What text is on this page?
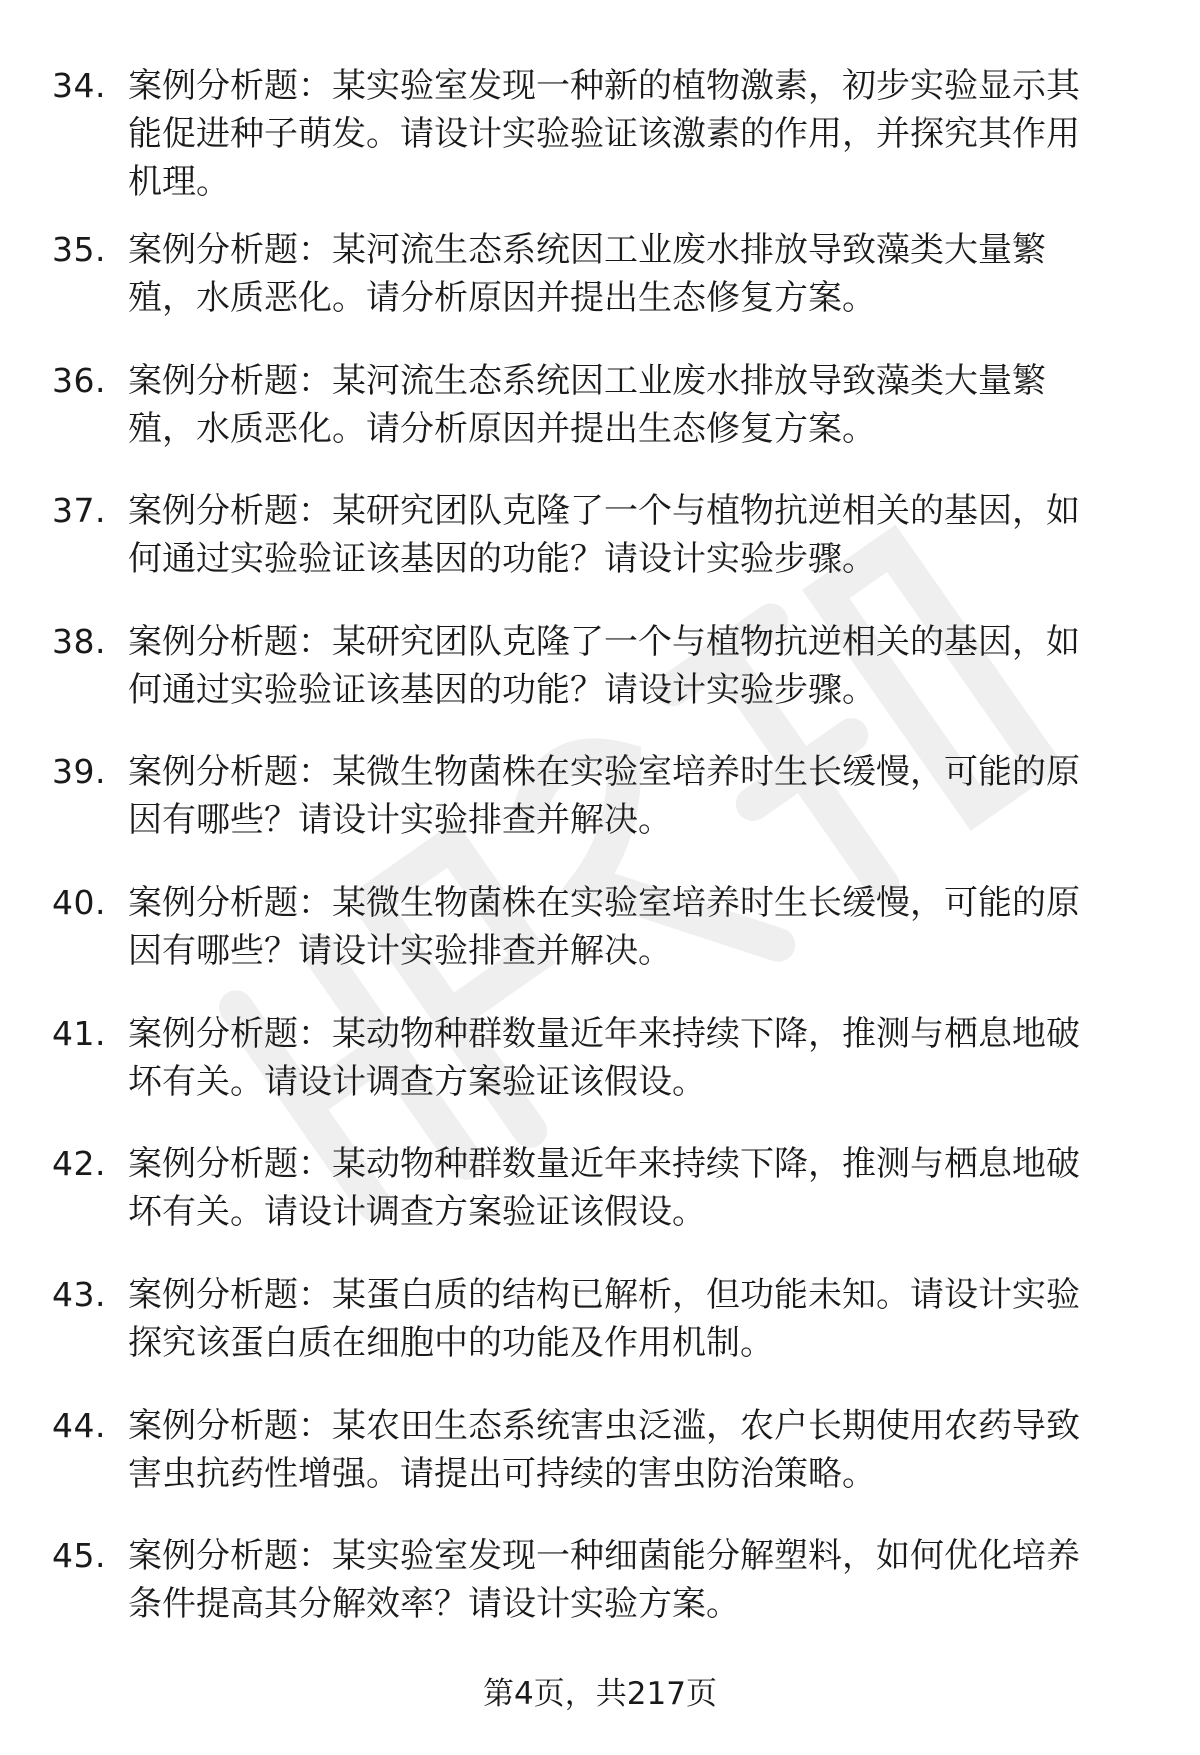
34. 案例分析题：某实验室发现一种新的植物激素，初步实验显示其
能促进种子萌发。请设计实验验证该激素的作用，并探究其作用
机理。
35. 案例分析题：某河流生态系统因工业废水排放导致藻类大量繁
殖，水质恶化。请分析原因并提出生态修复方案。
36. 案例分析题：某河流生态系统因工业废水排放导致藻类大量繁
殖，水质恶化。请分析原因并提出生态修复方案。
37. 案例分析题：某研究团队克隆了一个与植物抗逆相关的基因，如
何通过实验验证该基因的功能？请设计实验步骤。
38. 案例分析题：某研究团队克隆了一个与植物抗逆相关的基因，如
何通过实验验证该基因的功能？请设计实验步骤。
39. 案例分析题：某微生物菌株在实验室培养时生长缓慢，可能的原
因有哪些？请设计实验排查并解决。
40. 案例分析题：某微生物菌株在实验室培养时生长缓慢，可能的原
因有哪些？请设计实验排查并解决。
41. 案例分析题：某动物种群数量近年来持续下降，推测与栖息地破
坏有关。请设计调查方案验证该假设。
42. 案例分析题：某动物种群数量近年来持续下降，推测与栖息地破
坏有关。请设计调查方案验证该假设。
43. 案例分析题：某蛋白质的结构已解析，但功能未知。请设计实验
探究该蛋白质在细胞中的功能及作用机制。
44. 案例分析题：某农田生态系统害虫泛滥，农户长期使用农药导致
害虫抗药性增强。请提出可持续的害虫防治策略。
45. 案例分析题：某实验室发现一种细菌能分解塑料，如何优化培养
条件提高其分解效率？请设计实验方案。
第4页，共217页
